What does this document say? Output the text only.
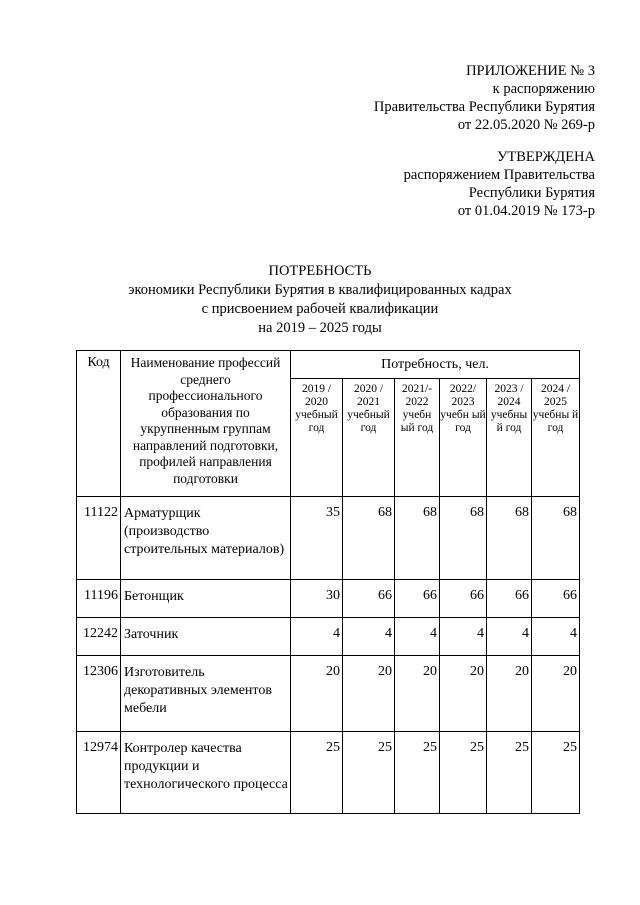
ПРИЛОЖЕНИЕ № 3
к распоряжению
Правительства Республики Бурятия
от 22.05.2020 № 269-р
УТВЕРЖДЕНА
распоряжением Правительства
Республики Бурятия
от 01.04.2019 № 173-р
ПОТРЕБНОСТЬ
экономики Республики Бурятия в квалифицированных кадрах
с присвоением рабочей квалификации
на 2019 – 2025 годы
Код	Наименование профессий среднего профессионального образования по укрупненным группам направлений подготовки, профилей направления подготовки	Потребность, чел.					
		2019 / 2020 учебный год	2020 / 2021 учебный год	2021/- 2022 учебн ый год	2022/ 2023 учебн ый год	2023 / 2024 учебны й год	2024 / 2025 учебны й год
11122	Арматурщик (производство строительных материалов)	35	68	68	68	68	68
11196	Бетонщик	30	66	66	66	66	66
12242	Заточник	4	4	4	4	4	4
12306	Изготовитель декоративных элементов мебели	20	20	20	20	20	20
12974	Контролер качества продукции и технологического процесса	25	25	25	25	25	25
